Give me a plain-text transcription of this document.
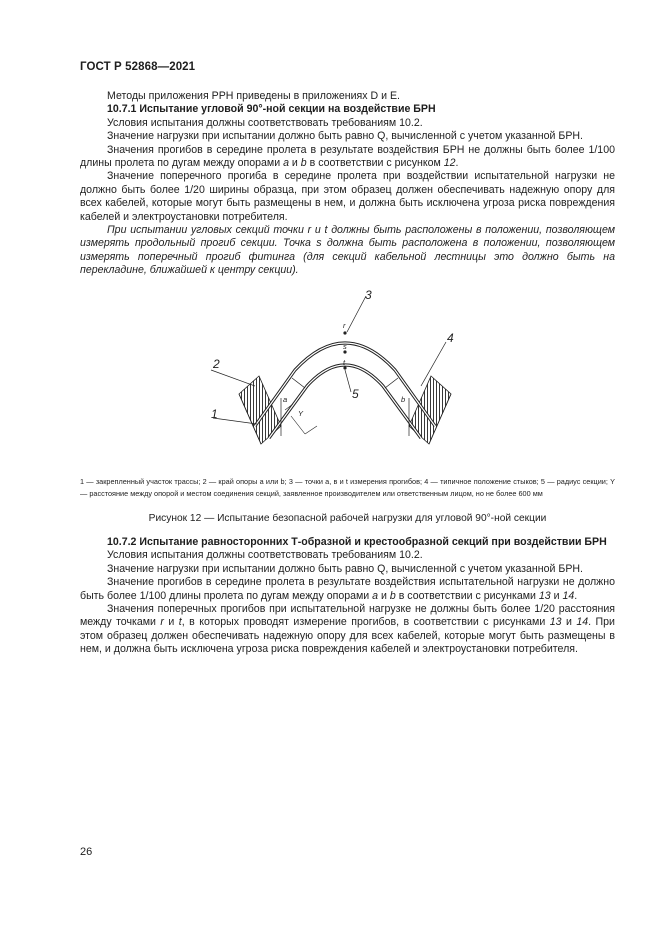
ГОСТ Р 52868—2021

Методы приложения РРН приведены в приложениях D и Е.

10.7.1 Испытание угловой 90°-ной секции на воздействие БРН

Условия испытания должны соответствовать требованиям 10.2.

Значение нагрузки при испытании должно быть равно Q, вычисленной с учетом указанной БРН.

Значения прогибов в середине пролета в результате воздействия БРН не должны быть более 1/100 длины пролета по дугам между опорами а и b в соответствии с рисунком 12.

Значение поперечного прогиба в середине пролета при воздействии испытательной нагрузки не должно быть более 1/20 ширины образца, при этом образец должен обеспечивать надежную опору для всех кабелей, которые могут быть размещены в нем, и должна быть исключена угроза риска повреждения кабелей и электроустановки потребителя.

При испытании угловых секций точки r и t должны быть расположены в положении, позволяющем измерять продольный прогиб секции. Точка s должна быть расположена в положении, позволяющем измерять поперечный прогиб фитинга (для секций кабельной лестницы это должно быть на перекладине, ближайшей к центру секции).

3
4
2
1
5
r
s
t
a	b
Y
1 — закрепленный участок трассы; 2 — край опоры а или b; 3 — точки а, в и t измерения прогибов; 4 — типичное положение стыков; 5 — радиус секции; Y — расстояние между опорой и местом соединения секций, заявленное производителем или ответственным лицом, но не более 600 мм
Рисунок 12 — Испытание безопасной рабочей нагрузки для угловой 90°-ной секции

10.7.2 Испытание равносторонних Т-образной и крестообразной секций при воздействии БРН

Условия испытания должны соответствовать требованиям 10.2.

Значение нагрузки при испытании должно быть равно Q, вычисленной с учетом указанной БРН.

Значение прогибов в середине пролета в результате воздействия испытательной нагрузки не должно быть более 1/100 длины пролета по дугам между опорами а и b в соответствии с рисунками 13 и 14.

Значения поперечных прогибов при испытательной нагрузке не должны быть более 1/20 расстояния между точками r и t, в которых проводят измерение прогибов, в соответствии с рисунками 13 и 14. При этом образец должен обеспечивать надежную опору для всех кабелей, которые могут быть размещены в нем, и должна быть исключена угроза риска повреждения кабелей и электроустановки потребителя.

26
